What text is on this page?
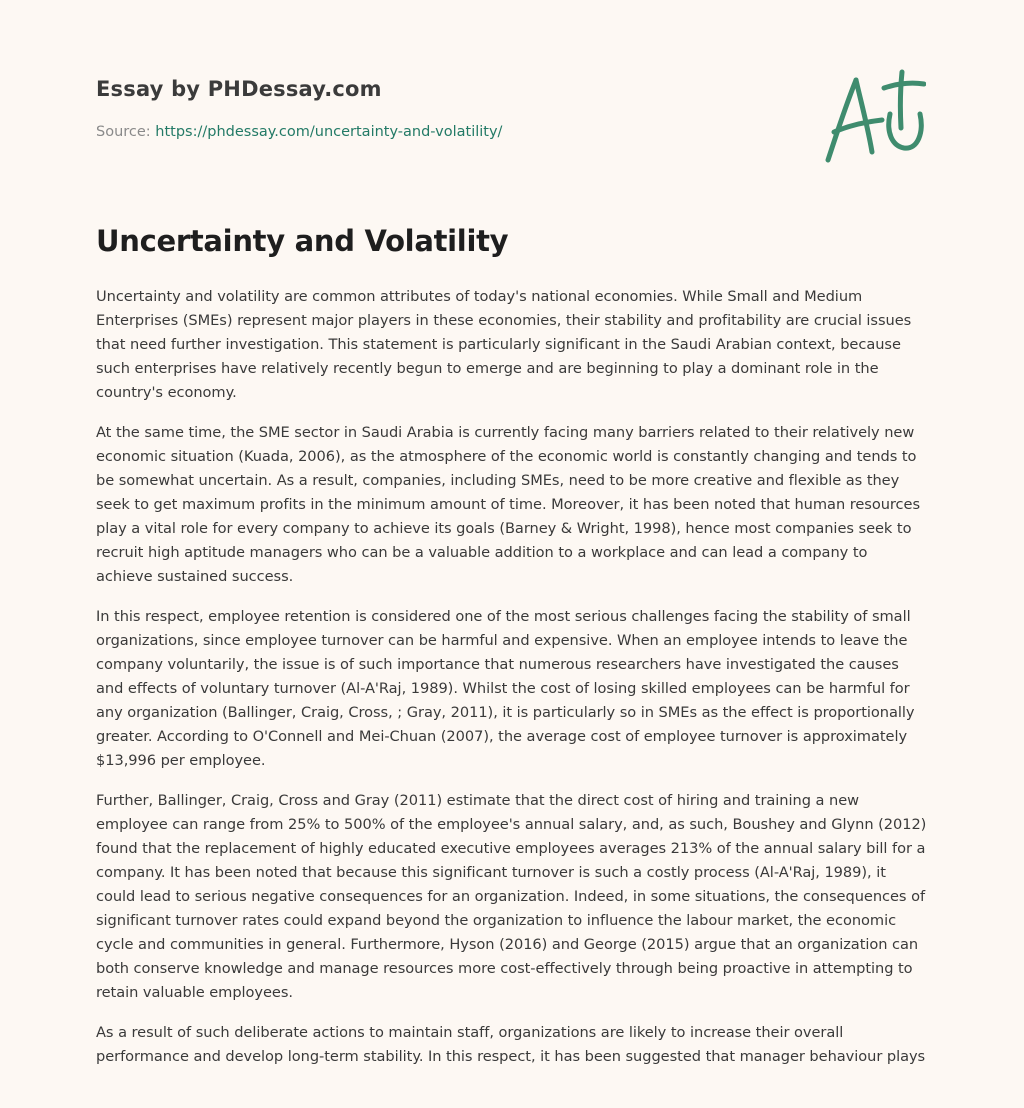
Essay by PHDessay.com

Source: https://phdessay.com/uncertainty-and-volatility/

Uncertainty and Volatility

Uncertainty and volatility are common attributes of today's national economies. While Small and Medium Enterprises (SMEs) represent major players in these economies, their stability and profitability are crucial issues that need further investigation. This statement is particularly significant in the Saudi Arabian context, because such enterprises have relatively recently begun to emerge and are beginning to play a dominant role in the country's economy.

At the same time, the SME sector in Saudi Arabia is currently facing many barriers related to their relatively new economic situation (Kuada, 2006), as the atmosphere of the economic world is constantly changing and tends to be somewhat uncertain. As a result, companies, including SMEs, need to be more creative and flexible as they seek to get maximum profits in the minimum amount of time. Moreover, it has been noted that human resources play a vital role for every company to achieve its goals (Barney & Wright, 1998), hence most companies seek to recruit high aptitude managers who can be a valuable addition to a workplace and can lead a company to achieve sustained success.

In this respect, employee retention is considered one of the most serious challenges facing the stability of small organizations, since employee turnover can be harmful and expensive. When an employee intends to leave the company voluntarily, the issue is of such importance that numerous researchers have investigated the causes and effects of voluntary turnover (Al-A'Raj, 1989). Whilst the cost of losing skilled employees can be harmful for any organization (Ballinger, Craig, Cross, ; Gray, 2011), it is particularly so in SMEs as the effect is proportionally greater. According to O'Connell and Mei-Chuan (2007), the average cost of employee turnover is approximately $13,996 per employee.

Further, Ballinger, Craig, Cross and Gray (2011) estimate that the direct cost of hiring and training a new employee can range from 25% to 500% of the employee's annual salary, and, as such, Boushey and Glynn (2012) found that the replacement of highly educated executive employees averages 213% of the annual salary bill for a company. It has been noted that because this significant turnover is such a costly process (Al-A'Raj, 1989), it could lead to serious negative consequences for an organization. Indeed, in some situations, the consequences of significant turnover rates could expand beyond the organization to influence the labour market, the economic cycle and communities in general. Furthermore, Hyson (2016) and George (2015) argue that an organization can both conserve knowledge and manage resources more cost-effectively through being proactive in attempting to retain valuable employees.

As a result of such deliberate actions to maintain staff, organizations are likely to increase their overall performance and develop long-term stability. In this respect, it has been suggested that manager behaviour plays
